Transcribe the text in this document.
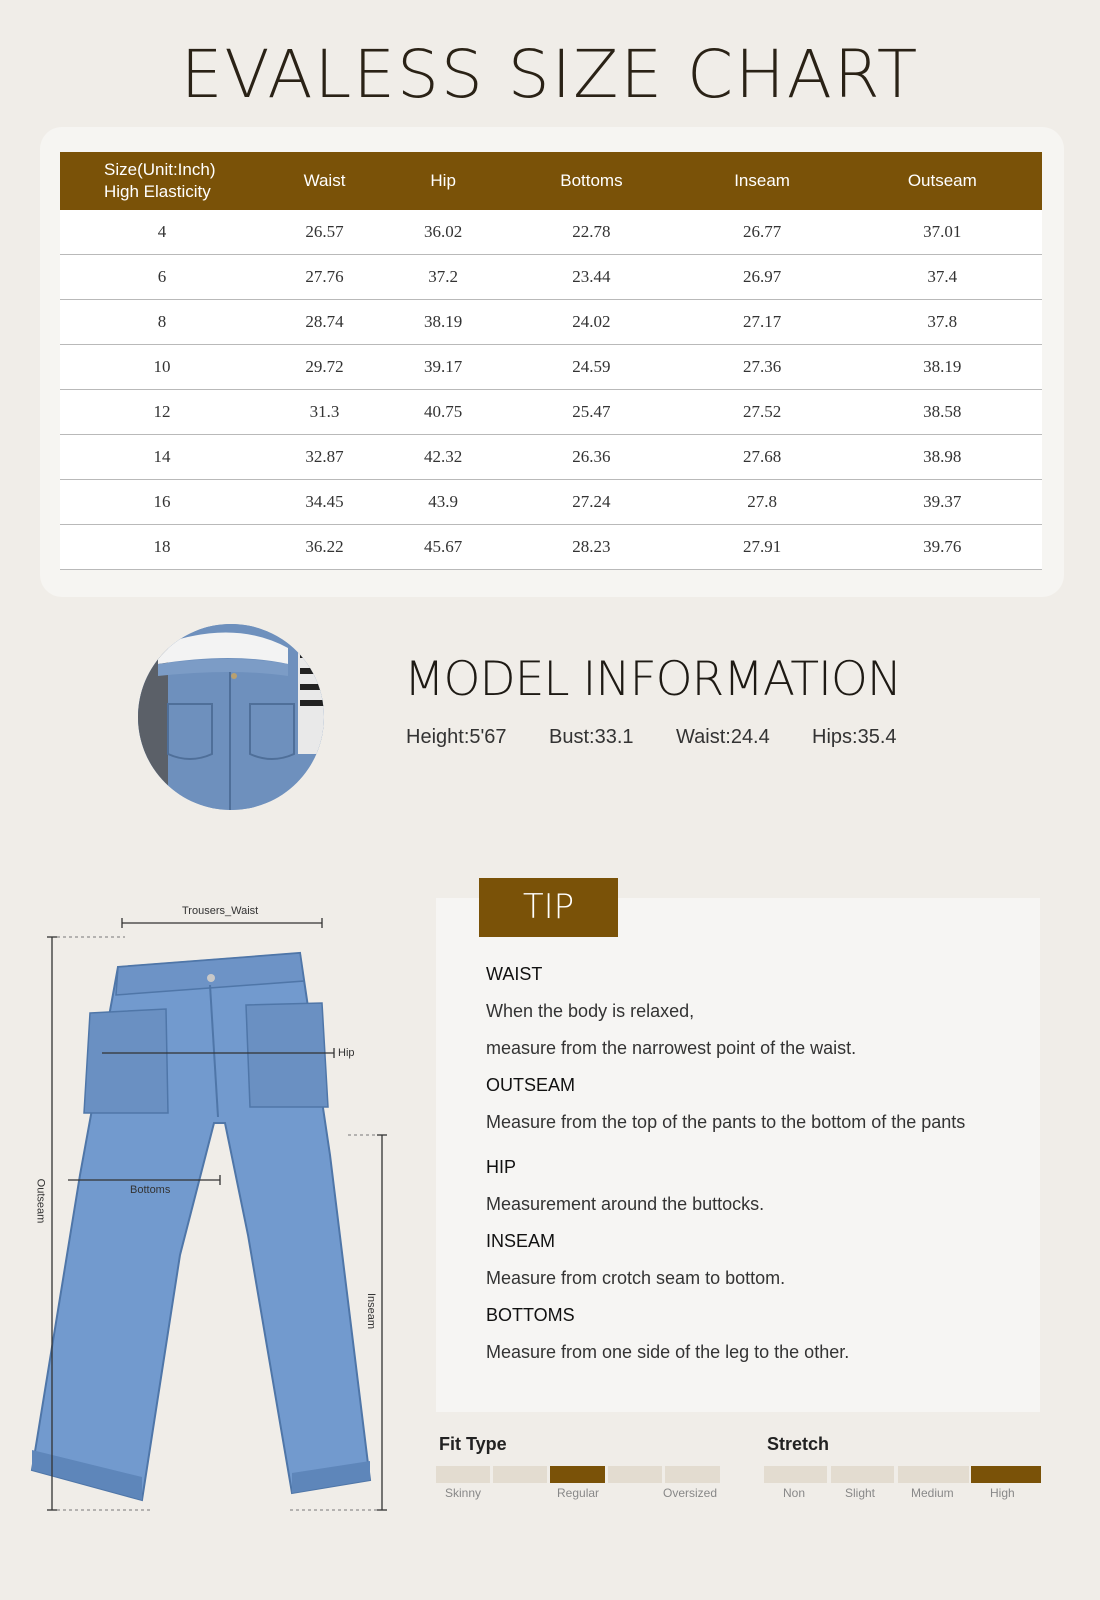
EVALESS SIZE CHART
Size(Unit:Inch)
High Elasticity	Waist	Hip	Bottoms	Inseam	Outseam
4	26.57	36.02	22.78	26.77	37.01
6	27.76	37.2	23.44	26.97	37.4
8	28.74	38.19	24.02	27.17	37.8
10	29.72	39.17	24.59	27.36	38.19
12	31.3	40.75	25.47	27.52	38.58
14	32.87	42.32	26.36	27.68	38.98
16	34.45	43.9	27.24	27.8	39.37
18	36.22	45.67	28.23	27.91	39.76
MODEL INFORMATION
Height:5'67 Bust:33.1 Waist:24.4 Hips:35.4
Trousers_Waist
Hip
Bottoms
Outseam
Inseam
TIP
WAIST
When the body is relaxed,
measure from the narrowest point of the waist.
OUTSEAM
Measure from the top of the pants to the bottom of the pants
HIP
Measurement around the buttocks.
INSEAM
Measure from crotch seam to bottom.
BOTTOMS
Measure from one side of the leg to the other.
Fit Type
Skinny	Regular	Oversized
Stretch
Non	Slight	Medium	High
